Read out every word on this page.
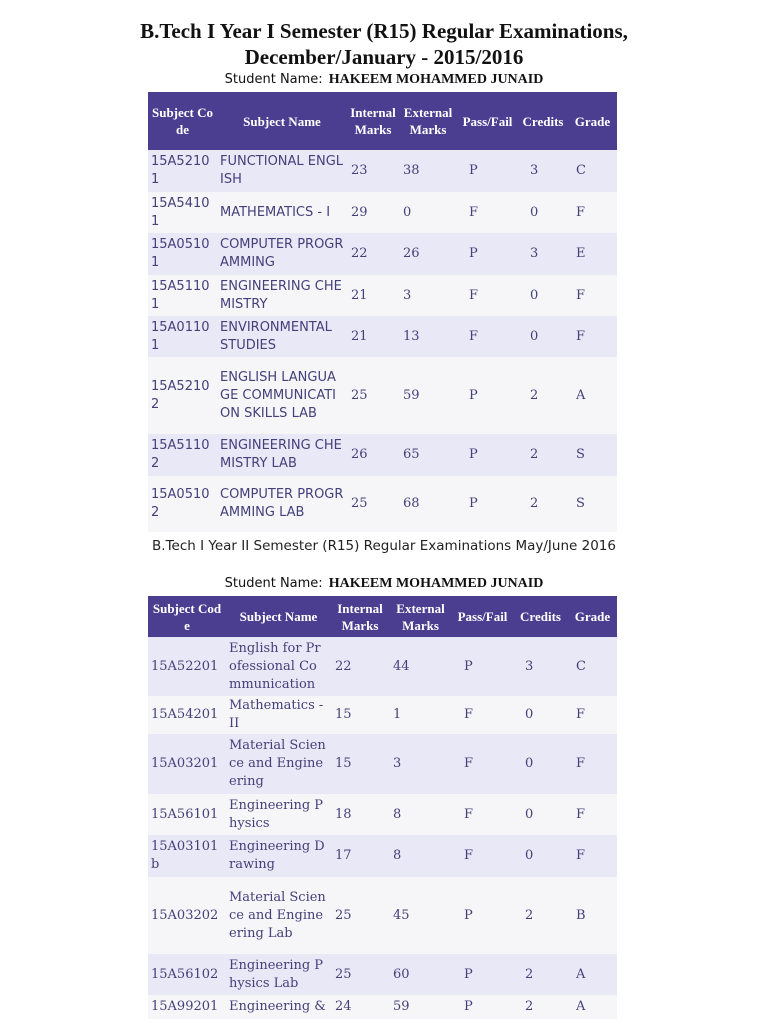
B.Tech I Year I Semester (R15) Regular Examinations,
December/January - 2015/2016
Student Name: HAKEEM MOHAMMED JUNAID
Subject Code	Subject Name	Internal Marks	External Marks	Pass/Fail	Credits	Grade
15A52101	FUNCTIONAL ENGLISH	23	38	P	3	C
15A54101	MATHEMATICS - I	29	0	F	0	F
15A05101	COMPUTER PROGRAMMING	22	26	P	3	E
15A51101	ENGINEERING CHEMISTRY	21	3	F	0	F
15A01101	ENVIRONMENTAL STUDIES	21	13	F	0	F
15A52102	ENGLISH LANGUAGE COMMUNICATION SKILLS LAB	25	59	P	2	A
15A51102	ENGINEERING CHEMISTRY LAB	26	65	P	2	S
15A05102	COMPUTER PROGRAMMING LAB	25	68	P	2	S
B.Tech I Year II Semester (R15) Regular Examinations May/June 2016
Student Name: HAKEEM MOHAMMED JUNAID
Subject Code	Subject Name	Internal Marks	External Marks	Pass/Fail	Credits	Grade
15A52201	English for Professional Communication	22	44	P	3	C
15A54201	Mathematics - II	15	1	F	0	F
15A03201	Material Science and Engineering	15	3	F	0	F
15A56101	Engineering Physics	18	8	F	0	F
15A03101b	Engineering Drawing	17	8	F	0	F
15A03202	Material Science and Engineering Lab	25	45	P	2	B
15A56102	Engineering Physics Lab	25	60	P	2	A
15A99201	Engineering &	24	59	P	2	A
